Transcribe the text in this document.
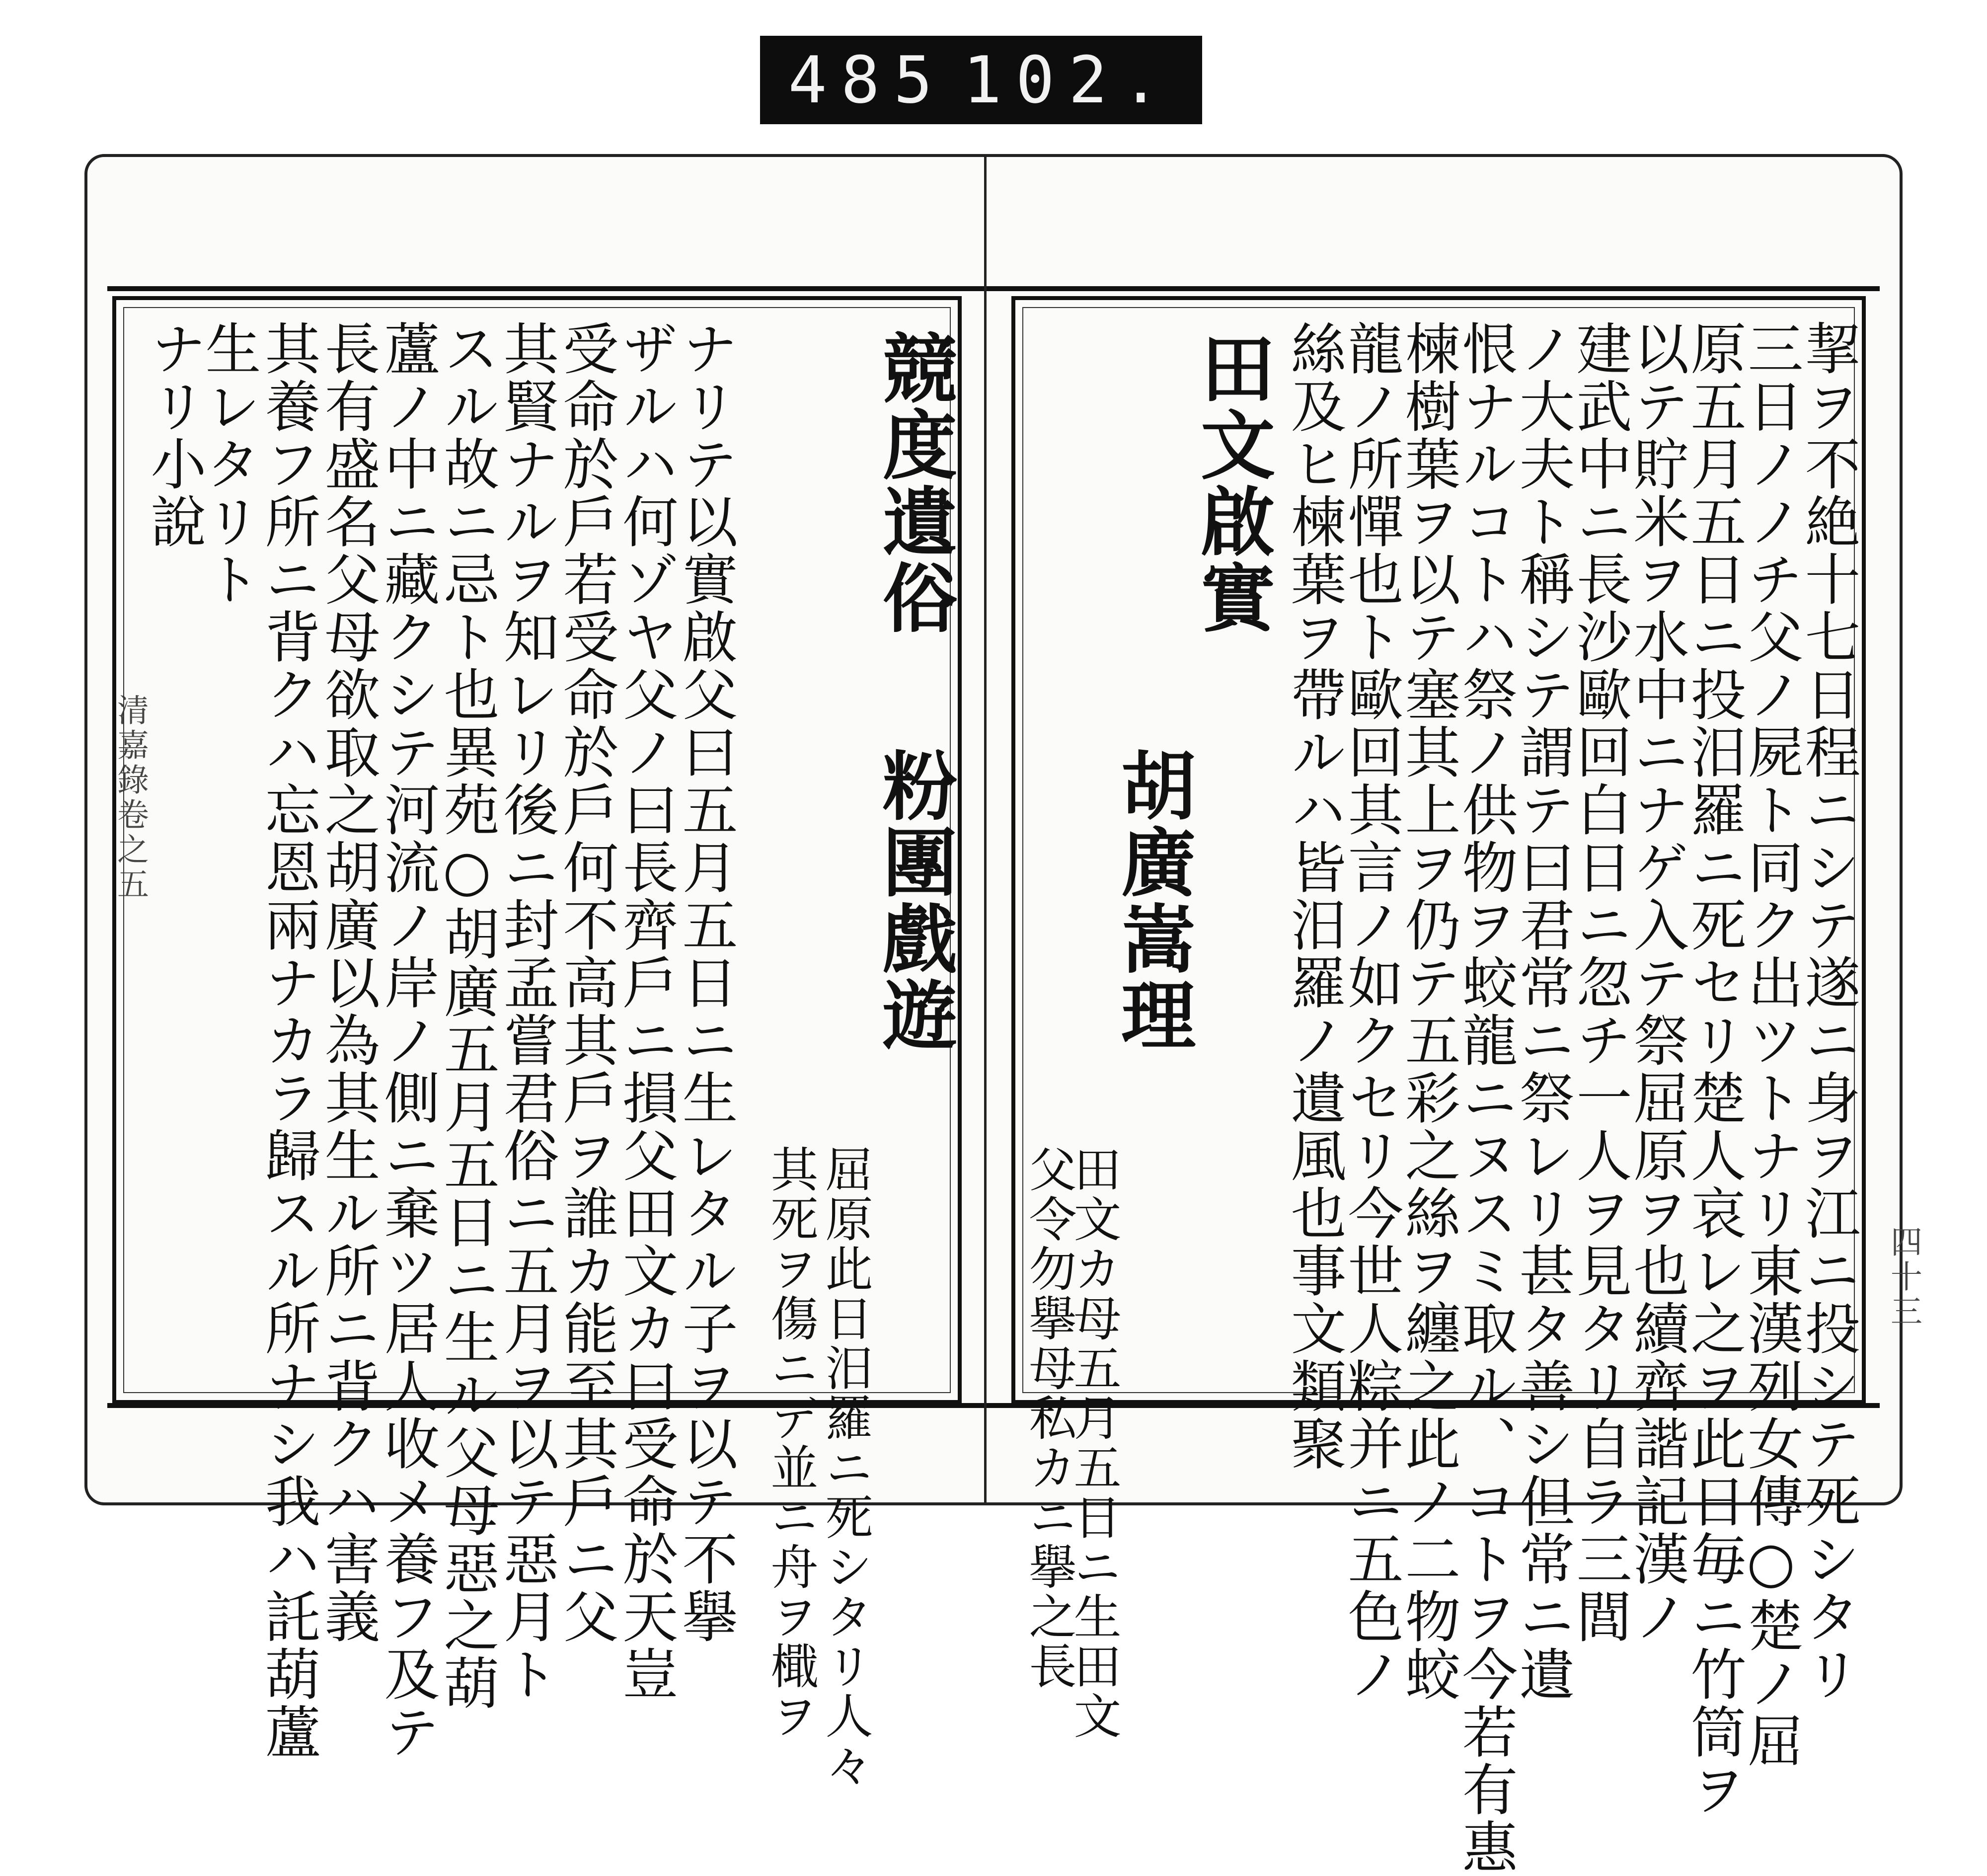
485 102.
清嘉錄卷之五
四十三
競度遺俗
粉團戲遊
屈原此日汨羅ニ死シタリ人々
其死ヲ傷ニデ並ニ舟ヲ檝ヲ
ナリテ以實啟父曰五月五日ニ生レタル子ヲ以テ不擧
ザルハ何ゾヤ父ノ曰長齊戶ニ損父田文カ曰受命於天豈
受命於戶若受命於戶何不高其戶ヲ誰カ能至其戶ニ父
其賢ナルヲ知レリ後ニ封孟嘗君俗ニ五月ヲ以テ惡月ト
スル故ニ忌ト也異苑○胡廣五月五日ニ生ル父母惡之葫
蘆ノ中ニ藏クシテ河流ノ岸ノ側ニ棄ツ居人收メ養フ及テ
長有盛名父母欲取之胡廣以為其生ル所ニ背クハ害義
其養フ所ニ背クハ忘恩兩ナカラ歸スル所ナシ我ハ託葫蘆
生レタリト
ナリ小說	挈ヲ不絶十七日程ニシテ遂ニ身ヲ江ニ投シテ死シタリ
三日ノノチ父ノ屍ト同ク出ツトナリ東漢列女傳○楚ノ屈
原五月五日ニ投汨羅ニ死セリ楚人哀レ之ヲ此日毎ニ竹筒ヲ
以テ貯米ヲ水中ニナゲ入テ祭屈原ヲ也續齊諧記漢ノ
建武中ニ長沙歐回白日ニ忽チ一人ヲ見タリ自ラ三閭
ノ大夫ト稱シテ謂テ曰君常ニ祭レリ甚タ善シ但常ニ遺
恨ナルコトハ祭ノ供物ヲ蛟龍ニヌスミ取ル、コトヲ今若有惠
楝樹葉ヲ以テ塞其上ヲ仍テ五彩之絲ヲ纏之此ノ二物蛟
龍ノ所憚也ト歐回其言ノ如クセリ今世人粽并ニ五色ノ
絲及ヒ楝葉ヲ帶ルハ皆汨羅ノ遺風也事文類聚
田文啟實
胡廣嵩理
田文カ母五月五日ニ生田文
父令勿擧母私カニ擧之長
